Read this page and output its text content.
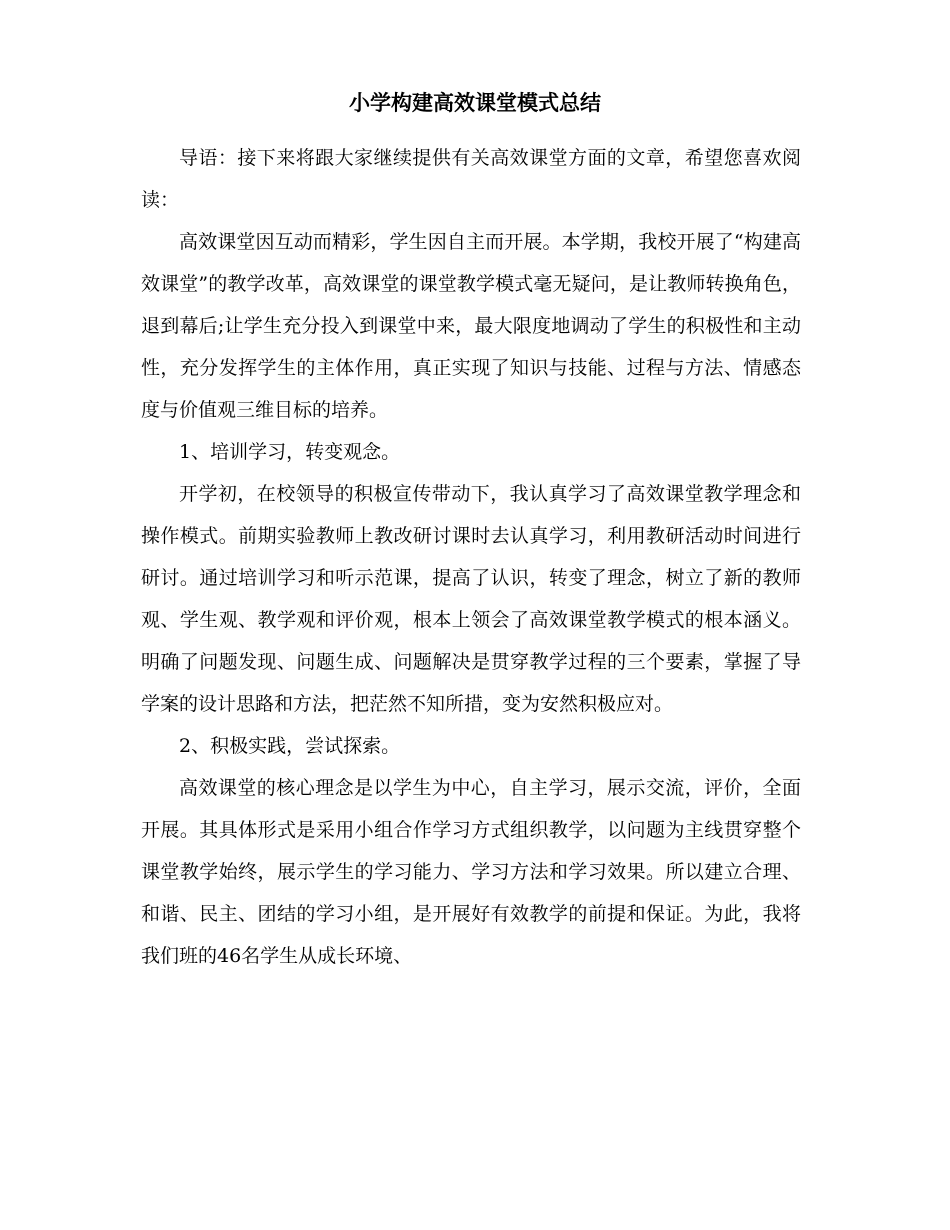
小学构建高效课堂模式总结

导语：接下来将跟大家继续提供有关高效课堂方面的文章，希望您喜欢阅读：

高效课堂因互动而精彩，学生因自主而开展。本学期，我校开展了“构建高效课堂”的教学改革，高效课堂的课堂教学模式毫无疑问，是让教师转换角色，退到幕后;让学生充分投入到课堂中来，最大限度地调动了学生的积极性和主动性，充分发挥学生的主体作用，真正实现了知识与技能、过程与方法、情感态度与价值观三维目标的培养。

1、培训学习，转变观念。

开学初，在校领导的积极宣传带动下，我认真学习了高效课堂教学理念和操作模式。前期实验教师上教改研讨课时去认真学习，利用教研活动时间进行研讨。通过培训学习和听示范课，提高了认识，转变了理念，树立了新的教师观、学生观、教学观和评价观，根本上领会了高效课堂教学模式的根本涵义。明确了问题发现、问题生成、问题解决是贯穿教学过程的三个要素，掌握了导学案的设计思路和方法，把茫然不知所措，变为安然积极应对。

2、积极实践，尝试探索。

高效课堂的核心理念是以学生为中心，自主学习，展示交流，评价，全面开展。其具体形式是采用小组合作学习方式组织教学，以问题为主线贯穿整个课堂教学始终，展示学生的学习能力、学习方法和学习效果。所以建立合理、和谐、民主、团结的学习小组，是开展好有效教学的前提和保证。为此，我将我们班的46名学生从成长环境、
